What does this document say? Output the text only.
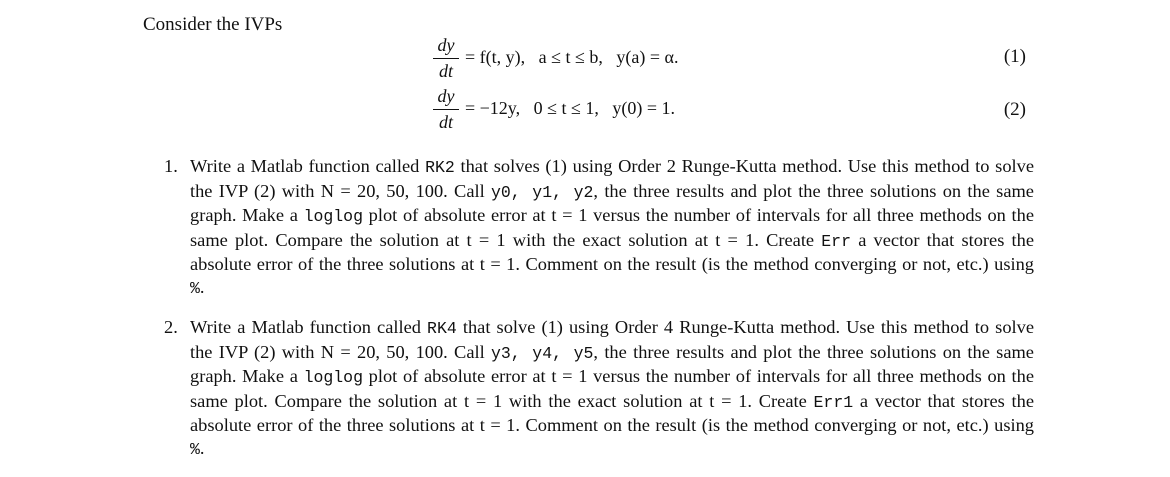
Consider the IVPs
dy
dt
= f(t, y),   a ≤ t ≤ b,   y(a) = α.	(1)
dy
dt
= −12y,   0 ≤ t ≤ 1,   y(0) = 1.	(2)
1. Write a Matlab function called RK2 that solves (1) using Order 2 Runge-Kutta method. Use this method to solve the IVP (2) with N = 20, 50, 100. Call y0, y1, y2, the three results and plot the three solutions on the same graph. Make a loglog plot of absolute error at t = 1 versus the number of intervals for all three methods on the same plot. Compare the solution at t = 1 with the exact solution at t = 1. Create Err a vector that stores the absolute error of the three solutions at t = 1. Comment on the result (is the method converging or not, etc.) using %.
2. Write a Matlab function called RK4 that solve (1) using Order 4 Runge-Kutta method. Use this method to solve the IVP (2) with N = 20, 50, 100. Call y3, y4, y5, the three results and plot the three solutions on the same graph. Make a loglog plot of absolute error at t = 1 versus the number of intervals for all three methods on the same plot. Compare the solution at t = 1 with the exact solution at t = 1. Create Err1 a vector that stores the absolute error of the three solutions at t = 1. Comment on the result (is the method converging or not, etc.) using %.
